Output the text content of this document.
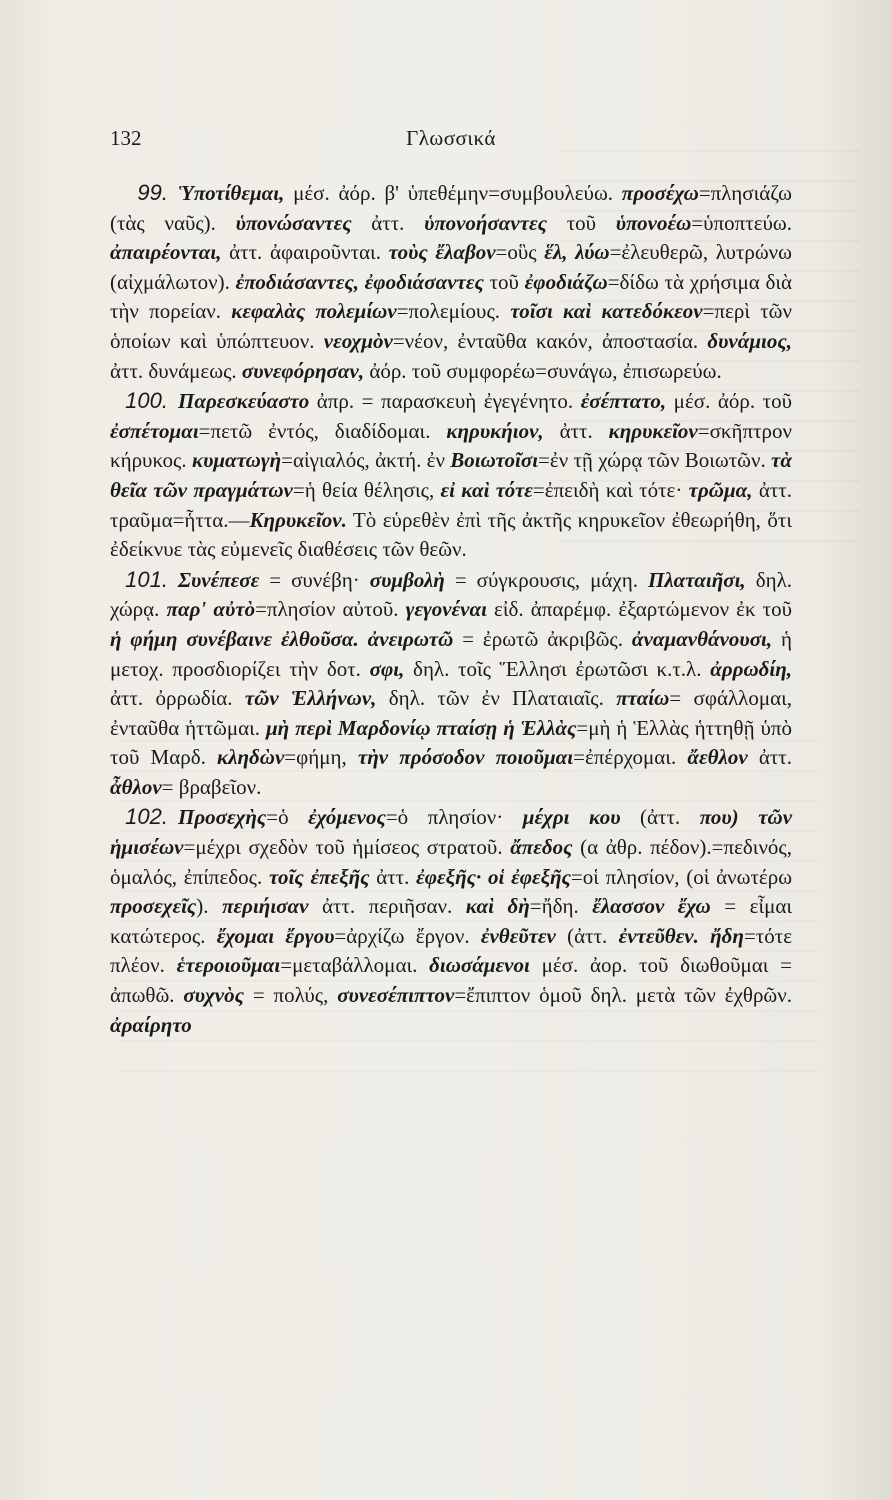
132	Γλωσσικά

99. Ὑποτίθεμαι, μέσ. ἀόρ. β' ὑπεθέμην=συμβουλεύω. προσέχω=πλησιάζω (τὰς ναῦς). ὑπονώσαντες ἀττ. ὑπονοήσαντες τοῦ ὑπονοέω=ὑποπτεύω. ἀπαιρέονται, ἀττ. ἀφαιροῦνται. τοὺς ἔλαβον=οὓς ἕλ, λύω=ἐλευθερῶ, λυτρώνω (αἰχμάλωτον). ἐποδιάσαντες, ἐφοδιάσαντες τοῦ ἐφοδιάζω=δίδω τὰ χρήσιμα διὰ τὴν πορείαν. κεφαλὰς πολεμίων=πολεμίους. τοῖσι καὶ κατεδόκεον=περὶ τῶν ὁποίων καὶ ὑπώπτευον. νεοχμὸν=νέον, ἐνταῦθα κακόν, ἀποστασία. δυνάμιος, ἀττ. δυνάμεως. συνεφόρησαν, ἀόρ. τοῦ συμφορέω=συνάγω, ἐπισωρεύω.

100. Παρεσκεύαστο ἀπρ. = παρασκευὴ ἐγεγένητο. ἐσέπτατο, μέσ. ἀόρ. τοῦ ἐσπέτομαι=πετῶ ἐντός, διαδίδομαι. κηρυκήιον, ἀττ. κηρυκεῖον=σκῆπτρον κήρυκος. κυματωγὴ=αἰγιαλός, ἀκτή. ἐν Βοιωτοῖσι=ἐν τῇ χώρᾳ τῶν Βοιωτῶν. τὰ θεῖα τῶν πραγμάτων=ἡ θεία θέλησις, εἰ καὶ τότε=ἐπειδὴ καὶ τότε· τρῶμα, ἀττ. τραῦμα=ἧττα.—Κηρυκεῖον. Τὸ εὑρεθὲν ἐπὶ τῆς ἀκτῆς κηρυκεῖον ἐθεωρήθη, ὅτι ἐδείκνυε τὰς εὐμενεῖς διαθέσεις τῶν θεῶν.

101. Συνέπεσε = συνέβη· συμβολὴ = σύγκρουσις, μάχη. Πλαταιῆσι, δηλ. χώρᾳ. παρ' αὐτὸ=πλησίον αὐτοῦ. γεγονέναι εἰδ. ἀπαρέμφ. ἐξαρτώμενον ἐκ τοῦ ἡ φήμη συνέβαινε ἐλθοῦσα. ἀνειρωτῶ = ἐρωτῶ ἀκριβῶς. ἀναμανθάνουσι, ἡ μετοχ. προσδιορίζει τὴν δοτ. σφι, δηλ. τοῖς Ἕλλησι ἐρωτῶσι κ.τ.λ. ἀρρωδίη, ἀττ. ὀρρωδία. τῶν Ἑλλήνων, δηλ. τῶν ἐν Πλαταιαῖς. πταίω= σφάλλομαι, ἐνταῦθα ἡττῶμαι. μὴ περὶ Μαρδονίῳ πταίσῃ ἡ Ἑλλὰς=μὴ ἡ Ἑλλὰς ἡττηθῇ ὑπὸ τοῦ Μαρδ. κληδὼν=φήμη, τὴν πρόσοδον ποιοῦμαι=ἐπέρχομαι. ἄεθλον ἀττ. ἆθλον= βραβεῖον.

102. Προσεχὴς=ὁ ἐχόμενος=ὁ πλησίον· μέχρι κου (ἀττ. που) τῶν ἡμισέων=μέχρι σχεδὸν τοῦ ἡμίσεος στρατοῦ. ἄπεδος (α ἀθρ. πέδον).=πεδινός, ὁμαλός, ἐπίπεδος. τοῖς ἐπεξῆς ἀττ. ἐφεξῆς· οἱ ἐφεξῆς=οἱ πλησίον, (οἱ ἀνωτέρω προσεχεῖς). περιήισαν ἀττ. περιῆσαν. καὶ δὴ=ἤδη. ἔλασσον ἔχω = εἶμαι κατώτερος. ἔχομαι ἔργου=ἀρχίζω ἔργον. ἐνθεῦτεν (ἀττ. ἐντεῦθεν. ἤδη=τότε πλέον. ἑτεροιοῦμαι=μεταβάλλομαι. διωσάμενοι μέσ. ἀορ. τοῦ διωθοῦμαι = ἀπωθῶ. συχνὸς = πολύς, συνεσέπιπτον=ἔπιπτον ὁμοῦ δηλ. μετὰ τῶν ἐχθρῶν. ἀραίρητο
